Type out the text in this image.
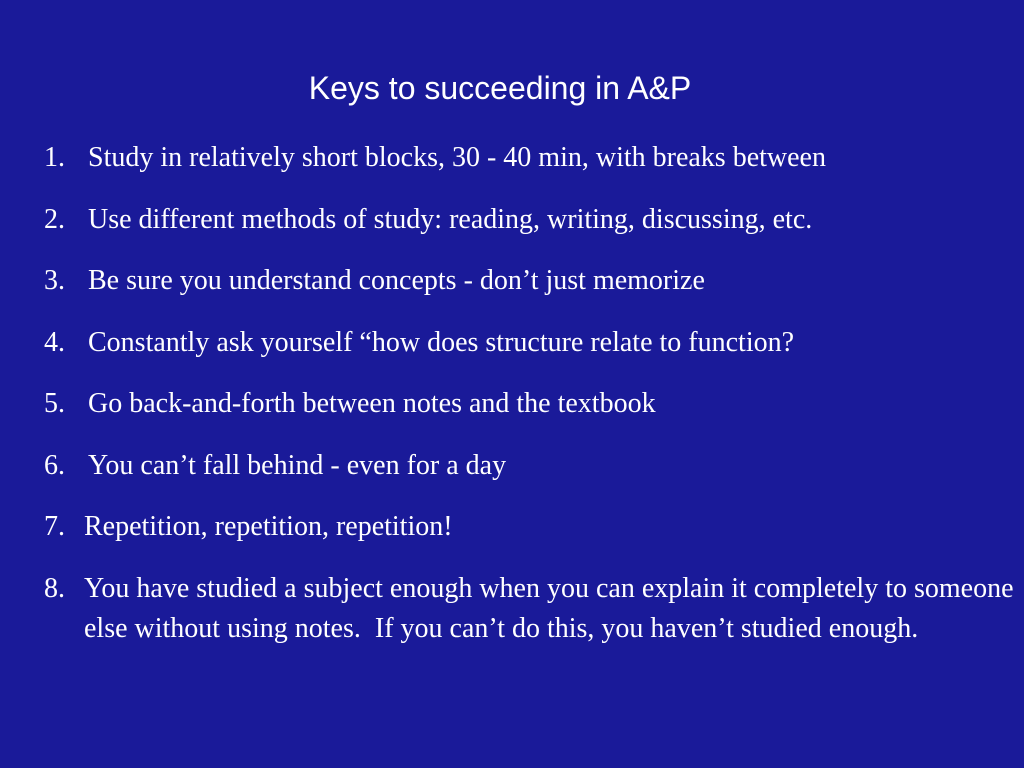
Keys to succeeding in A&P
1. Study in relatively short blocks, 30 - 40 min, with breaks between
2. Use different methods of study: reading, writing, discussing, etc.
3. Be sure you understand concepts - don’t just memorize
4. Constantly ask yourself “how does structure relate to function?
5. Go back-and-forth between notes and the textbook
6. You can’t fall behind - even for a day
7. Repetition, repetition, repetition!
8. You have studied a subject enough when you can explain it completely to someone else without using notes.  If you can’t do this, you haven’t studied enough.
